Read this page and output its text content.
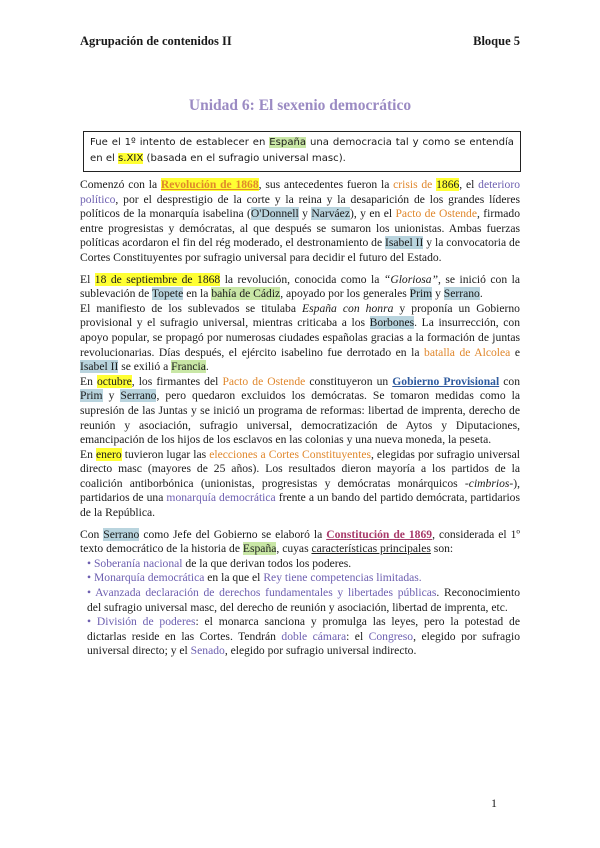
Agrupación de contenidos II	Bloque 5
Unidad 6: El sexenio democrático
Fue el 1º intento de establecer en España una democracia tal y como se entendía en el s.XIX (basada en el sufragio universal masc).

Comenzó con la Revolución de 1868, sus antecedentes fueron la crisis de 1866, el deterioro político, por el desprestigio de la corte y la reina y la desaparición de los grandes líderes políticos de la monarquía isabelina (O'Donnell y Narváez), y en el Pacto de Ostende, firmado entre progresistas y demócratas, al que después se sumaron los unionistas. Ambas fuerzas políticas acordaron el fin del rég moderado, el destronamiento de Isabel II y la convocatoria de Cortes Constituyentes por sufragio universal para decidir el futuro del Estado.

El 18 de septiembre de 1868 la revolución, conocida como la “Gloriosa”, se inició con la sublevación de Topete en la bahía de Cádiz, apoyado por los generales Prim y Serrano.

El manifiesto de los sublevados se titulaba España con honra y proponía un Gobierno provisional y el sufragio universal, mientras criticaba a los Borbones. La insurrección, con apoyo popular, se propagó por numerosas ciudades españolas gracias a la formación de juntas revolucionarias. Días después, el ejército isabelino fue derrotado en la batalla de Alcolea e Isabel II se exilió a Francia.

En octubre, los firmantes del Pacto de Ostende constituyeron un Gobierno Provisional con Prim y Serrano, pero quedaron excluidos los demócratas. Se tomaron medidas como la supresión de las Juntas y se inició un programa de reformas: libertad de imprenta, derecho de reunión y asociación, sufragio universal, democratización de Aytos y Diputaciones, emancipación de los hijos de los esclavos en las colonias y una nueva moneda, la peseta.

En enero tuvieron lugar las elecciones a Cortes Constituyentes, elegidas por sufragio universal directo masc (mayores de 25 años). Los resultados dieron mayoría a los partidos de la coalición antiborbónica (unionistas, progresistas y demócratas monárquicos -cimbrios-), partidarios de una monarquía democrática frente a un bando del partido demócrata, partidarios de la República.

Con Serrano como Jefe del Gobierno se elaboró la Constitución de 1869, considerada el 1º texto democrático de la historia de España, cuyas características principales son:

• Soberanía nacional de la que derivan todos los poderes.
• Monarquía democrática en la que el Rey tiene competencias limitadas.
• Avanzada declaración de derechos fundamentales y libertades públicas. Reconocimiento del sufragio universal masc, del derecho de reunión y asociación, libertad de imprenta, etc.
• División de poderes: el monarca sanciona y promulga las leyes, pero la potestad de dictarlas reside en las Cortes. Tendrán doble cámara: el Congreso, elegido por sufragio universal directo; y el Senado, elegido por sufragio universal indirecto.
1
